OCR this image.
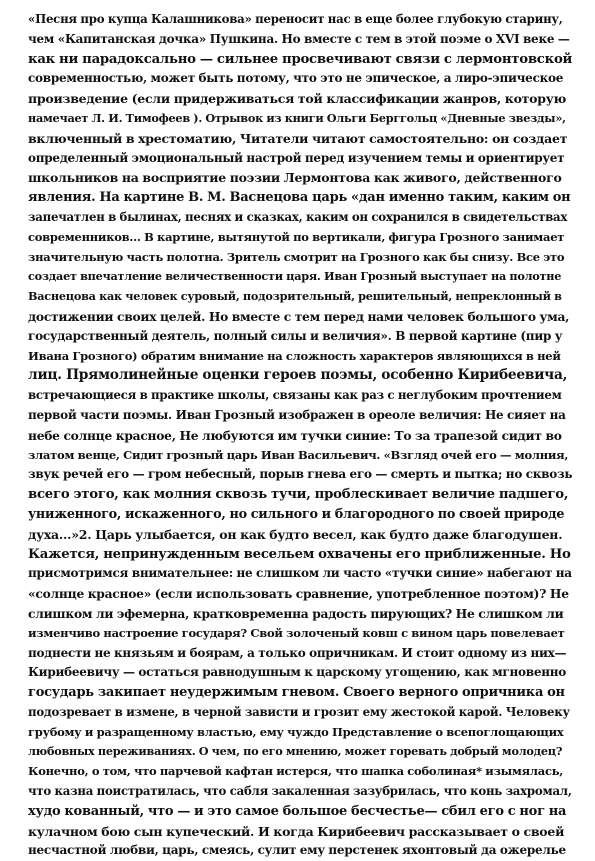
«Песня про купца Калашникова» переносит нас в еще более глубокую старину,
чем «Капитанская дочка» Пушкина. Но вместе с тем в этой поэме о XVI веке —
как ни парадоксально — сильнее просвечивают связи с лермонтовской
современностью, может быть потому, что это не эпическое, а лиро-эпическое
произведение (если придерживаться той классификации жанров, которую
намечает Л. И. Тимофеев ). Отрывок из книги Ольги Берггольц «Дневные звезды»,
включенный в хрестоматию, Читатели читают самостоятельно: он создает
определенный эмоциональный настрой перед изучением темы и ориентирует
школьников на восприятие поэзии Лермонтова как живого, действенного
явления. На картине В. М. Васнецова царь «дан именно таким, каким он
запечатлен в былинах, песнях и сказках, каким он сохранился в свидетельствах
современников... В картине, вытянутой по вертикали, фигура Грозного занимает
значительную часть полотна. Зритель смотрит на Грозного как бы снизу. Все это
создает впечатление величественности царя. Иван Грозный выступает на полотне
Васнецова как человек суровый, подозрительный, решительный, непреклонный в
достижении своих целей. Но вместе с тем перед нами человек большого ума,
государственный деятель, полный силы и величия». В первой картине (пир у
Ивана Грозного) обратим внимание на сложность характеров являющихся в ней
лиц. Прямолинейные оценки героев поэмы, особенно Кирибеевича,
встречающиеся в практике школы, связаны как раз с неглубоким прочтением
первой части поэмы. Иван Грозный изображен в ореоле величия: Не сияет на
небе солнце красное, Не любуются им тучки синие: То за трапезой сидит во
златом венце, Сидит грозный царь Иван Васильевич. «Взгляд очей его — молния,
звук речей его — гром небесный, порыв гнева его — смерть и пытка; но сквозь
всего этого, как молния сквозь тучи, проблескивает величие падшего,
униженного, искаженного, но сильного и благородного по своей природе
духа...»2. Царь улыбается, он как будто весел, как будто даже благодушен.
Кажется, непринужденным весельем охвачены его приближенные. Но
присмотримся внимательнее: не слишком ли часто «тучки синие» набегают на
«солнце красное» (если использовать сравнение, употребленное поэтом)? Не
слишком ли эфемерна, кратковременна радость пирующих? Не слишком ли
изменчиво настроение государя? Свой золоченый ковш с вином царь повелевает
поднести не князьям и боярам, а только опричникам. И стоит одному из них—
Кирибеевичу — остаться равнодушным к царскому угощению, как мгновенно
государь закипает неудержимым гневом. Своего верного опричника он
подозревает в измене, в черной зависти и грозит ему жестокой карой. Человеку
грубому и разращенному властью, ему чуждо Представление о всепоглощающих
любовных переживаниях. О чем, по его мнению, может горевать добрый молодец?
Конечно, о том, что парчевой кафтан истерся, что шапка соболиная* изымялась,
что казна поистратилась, что сабля закаленная зазубрилась, что конь захромал,
худо кованный, что — и это самое большое бесчестье— сбил его с ног на
кулачном бою сын купеческий. И когда Кирибеевич рассказывает о своей
несчастной любви, царь, смеясь, сулит ему перстенек яхонтовый да ожерелье
